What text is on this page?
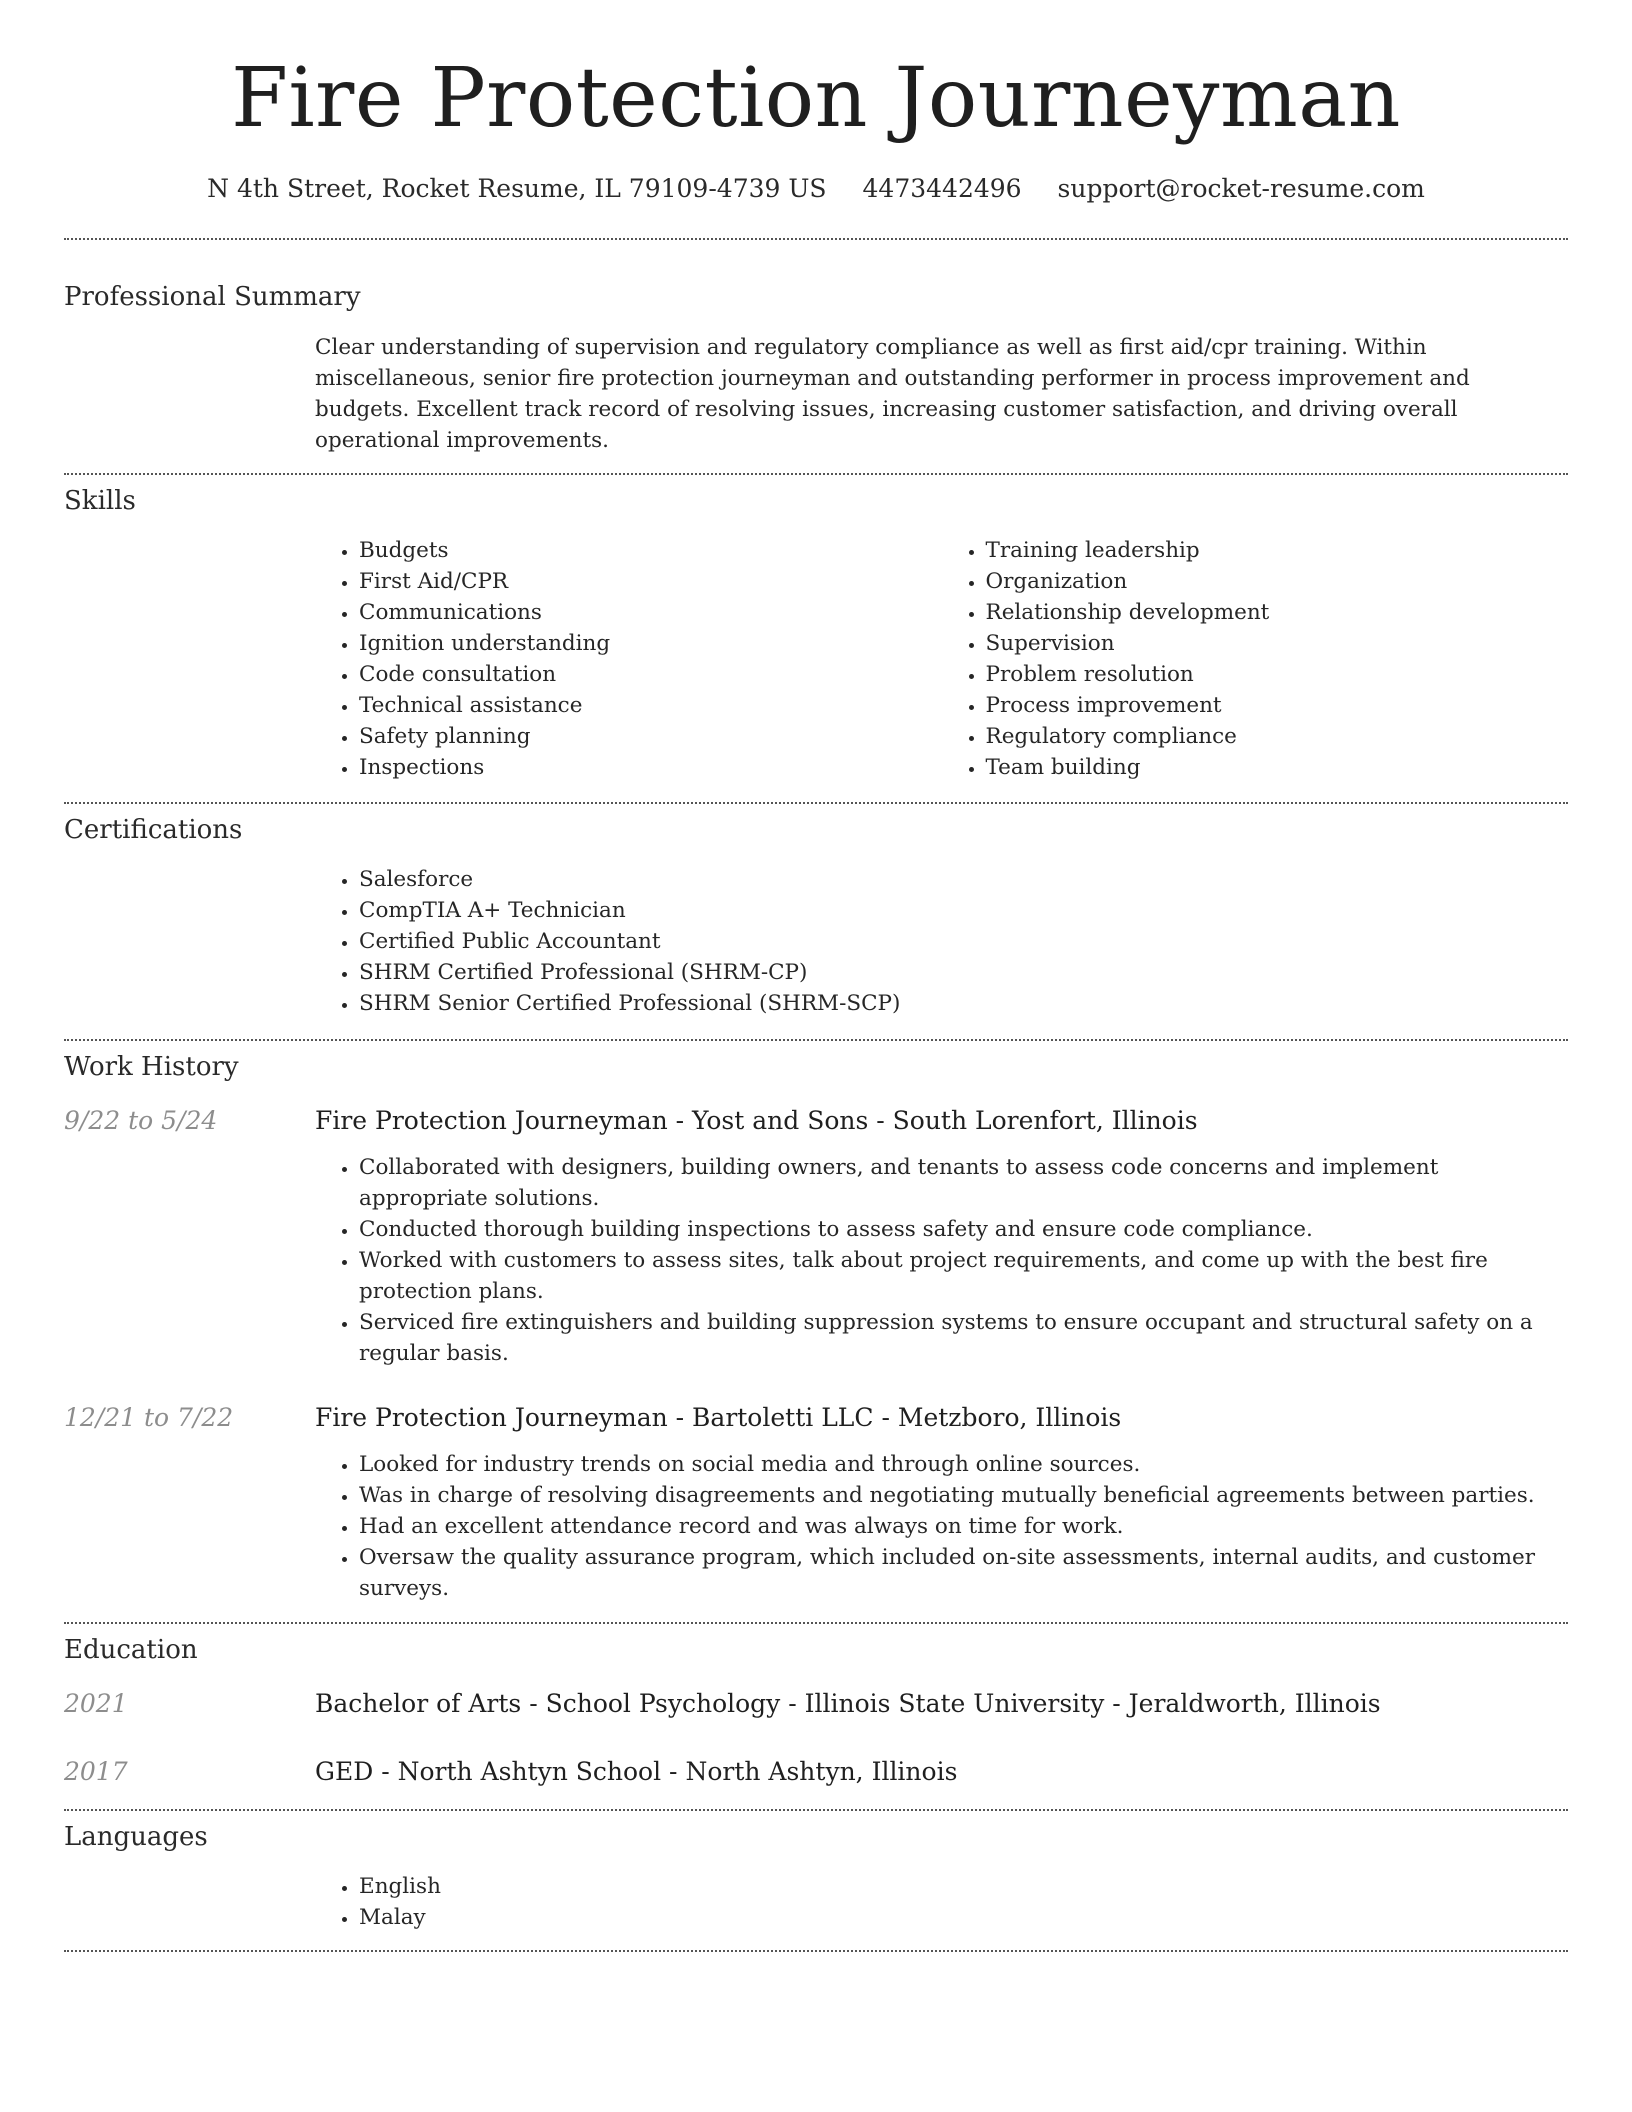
Fire Protection Journeyman
N 4th Street, Rocket Resume, IL 79109-4739 US 4473442496 support@rocket-resume.com
Professional Summary

Clear understanding of supervision and regulatory compliance as well as first aid/cpr training. Within miscellaneous, senior fire protection journeyman and outstanding performer in process improvement and budgets. Excellent track record of resolving issues, increasing customer satisfaction, and driving overall operational improvements.

Skills
• Budgets
• First Aid/CPR
• Communications
• Ignition understanding
• Code consultation
• Technical assistance
• Safety planning
• Inspections
• Training leadership
• Organization
• Relationship development
• Supervision
• Problem resolution
• Process improvement
• Regulatory compliance
• Team building
Certifications
• Salesforce
• CompTIA A+ Technician
• Certified Public Accountant
• SHRM Certified Professional (SHRM-CP)
• SHRM Senior Certified Professional (SHRM-SCP)
Work History
9/22 to 5/24	Fire Protection Journeyman - Yost and Sons - South Lorenfort, Illinois
• Collaborated with designers, building owners, and tenants to assess code concerns and implement appropriate solutions.
• Conducted thorough building inspections to assess safety and ensure code compliance.
• Worked with customers to assess sites, talk about project requirements, and come up with the best fire protection plans.
• Serviced fire extinguishers and building suppression systems to ensure occupant and structural safety on a regular basis.
12/21 to 7/22	Fire Protection Journeyman - Bartoletti LLC - Metzboro, Illinois
• Looked for industry trends on social media and through online sources.
• Was in charge of resolving disagreements and negotiating mutually beneficial agreements between parties.
• Had an excellent attendance record and was always on time for work.
• Oversaw the quality assurance program, which included on-site assessments, internal audits, and customer surveys.
Education
2021	Bachelor of Arts - School Psychology - Illinois State University - Jeraldworth, Illinois
2017	GED - North Ashtyn School - North Ashtyn, Illinois
Languages
• English
• Malay
